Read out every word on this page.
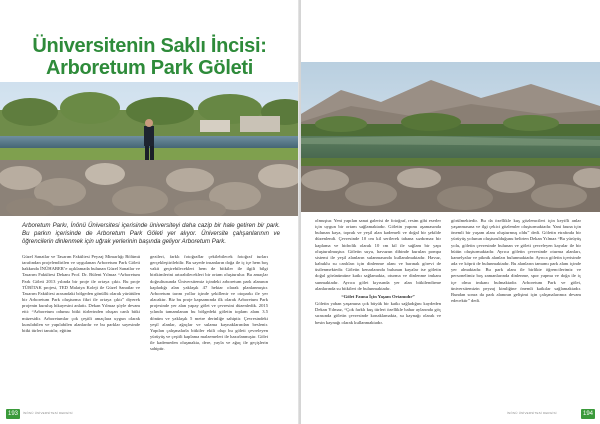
Üniversitenin Saklı İncisi:
Arboretum Park Göleti
Arboretum Parkı, İnönü Üniversitesi içerisinde üniversiteyi daha cazip bir hale getiren bir park. Bu parkın içerisinde de Arboretum Park Göleti yer alıyor. Üniversite çalışanlarının ve öğrencilerin dinlenmek için uğrak yerlerinin başında geliyor Arboretum Park.

Güzel Sanatlar ve Tasarım Fakültesi Peyzaj Mimarlığı Bölümü tarafından projelendirilen ve uygulanan Arboretum Park Göleti hakkında İNÜHABER’e açıklamada bulunan Güzel Sanatlar ve Tasarım Fakültesi Dekanı Prof. Dr. Bülent Yılmaz “Arboretum Park Göleti 2013 yılında bir proje ile ortaya çıktı. Bu proje TÜBİTAK projesi, TED Malatya Koleji ile Güzel Sanatlar ve Tasarım Fakültesi arasındaki bölgeden gönüllü olarak yürütülen bir Arboretum Park oluşturma fikri ile ortaya çıktı” diyerek projenin kuruluş hikayesini anlattı. Dekan Yılmaz şöyle devam etti: “Arboretum odunsu bitki türlerinden oluşan canlı bitki müzesidir. Arboretumlar çok çeşitli amaçlara uygun olarak kurulabilen ve yapılabilen alanlardır ve bu parklar sayesinde bitki türleri tanıtılır, eğitim

gezileri, farklı fotoğraflar çekilebilecek fotoğraf turları gerçekleştirilebilir. Bu sayede insanların doğa ile iç içe hem boş vakit geçirebilecekleri hem de bitkiler ile ilgili bilgi birikimlerini artırabilecekleri bir ortam oluşturulur. Bu amaçlar doğrultusunda Üniversitemiz içindeki arboretum park alanının kapladığı alan yaklaşık 47 hektar olarak planlanmıştır. Arboretum tarım yollar içinde şekillenir ve otoparkı ile yer alacaktır. Biz bu proje kapsamında ilk olarak Arboretum Park projesinde yer alan yapay gölet ve çevresini düzenledik. 2015 yılında tamamlanan bu bölgedeki göletin toplam alanı 3.5 dönüm ve yaklaşık 5 metre derinliğe sahiptir. Çevresindeki yeşil alanlar, ağaçlar ve sulama kaynaklarından beslenir. Yapılan çalışmalarla bitkiler ekili olup bu göleti çevreleyen yürüyüş ve çeşitli kaplama malzemeleri ile hazırlanmıştır. Gölet ile kademeden oluşmakta, dere, yayla ve ağaç ile geçişlerin sahiptir.

193	İNÖNÜ ÜNİVERSİTESİ DERGİSİ

olmuştur. Yeni yapılan sanat galerisi de fotoğraf, resim gibi eserler için uygun bir ortam sağlamaktadır. Göletin yapımı aşamasında bulunan kaya, toprak ve yeşil alan kademeli ve doğal bir şekilde düzenlendi. Çevresinde 10 cm kil serilerek tabana sızdırmaz bir kaplama ve hidrolik olarak 10 cm kil ile sağlam bir yapı oluşturulmuştur. Göletin suyu, havuzun dibinde kurulan pompa sistemi ile yeşil alanların sulanmasında kullanılmaktadır. Havuz, kabuklu su canlıları için dinlenme alanı ve barınak görevi de üstlenmektedir. Göletin kenarlarında bulunan kayalar ise göletin doğal görünümüne katkı sağlamakta, oturma ve dinlenme imkanı sunmaktadır. Ayrıca gölet kıyısında yer alan bitkilendirme alanlarında su bitkileri de bulunmaktadır.

“Gölet Fauna İçin Yaşam Ortamıdır”

Göletin yaban yaşamına çok büyük bir katkı sağladığını kaydeden Dekan Yılmaz, “Çok farklı kuş türleri özellikle bahar aylarında göç sırasında göletin çevresinde konaklamakta, su kaynağı olarak ve besin kaynağı olarak kullanmaktadır.

görülmektedir. Bu da özellikle kuş gözlemcileri için keyifli anlar yaşanmasına ve ilgi çekici gözlemler oluşturmaktadır. Yani fauna için önemli bir yaşam alanı oluşturmuş oldu” dedi. Göletin etrafında bir yürüyüş yolunun oluşturulduğunu belirten Dekan Yılmaz “Bu yürüyüş yolu, göletin çevresinde bulunan ve göleti çevreleyen kayalar ile bir bütün oluşturmaktadır. Ayrıca göletin çevresinde oturma alanları, kamelyalar ve piknik alanları bulunmaktadır. Ayrıca göletin içerisinde ada ve köprü de bulunmaktadır. Bu alanların tamamı park alanı içinde yer almaktadır. Bu park alanı ile birlikte öğrencilerimiz ve personelimiz boş zamanlarında dinlenme, spor yapma ve doğa ile iç içe olma imkanı bulmaktadır. Arboretum Park ve gölet, üniversitemizin peyzaj kimliğine önemli katkılar sağlamaktadır. Bundan sonra da park alanının gelişimi için çalışmalarımız devam edecektir” dedi.

İNÖNÜ ÜNİVERSİTESİ DERGİSİ	194
